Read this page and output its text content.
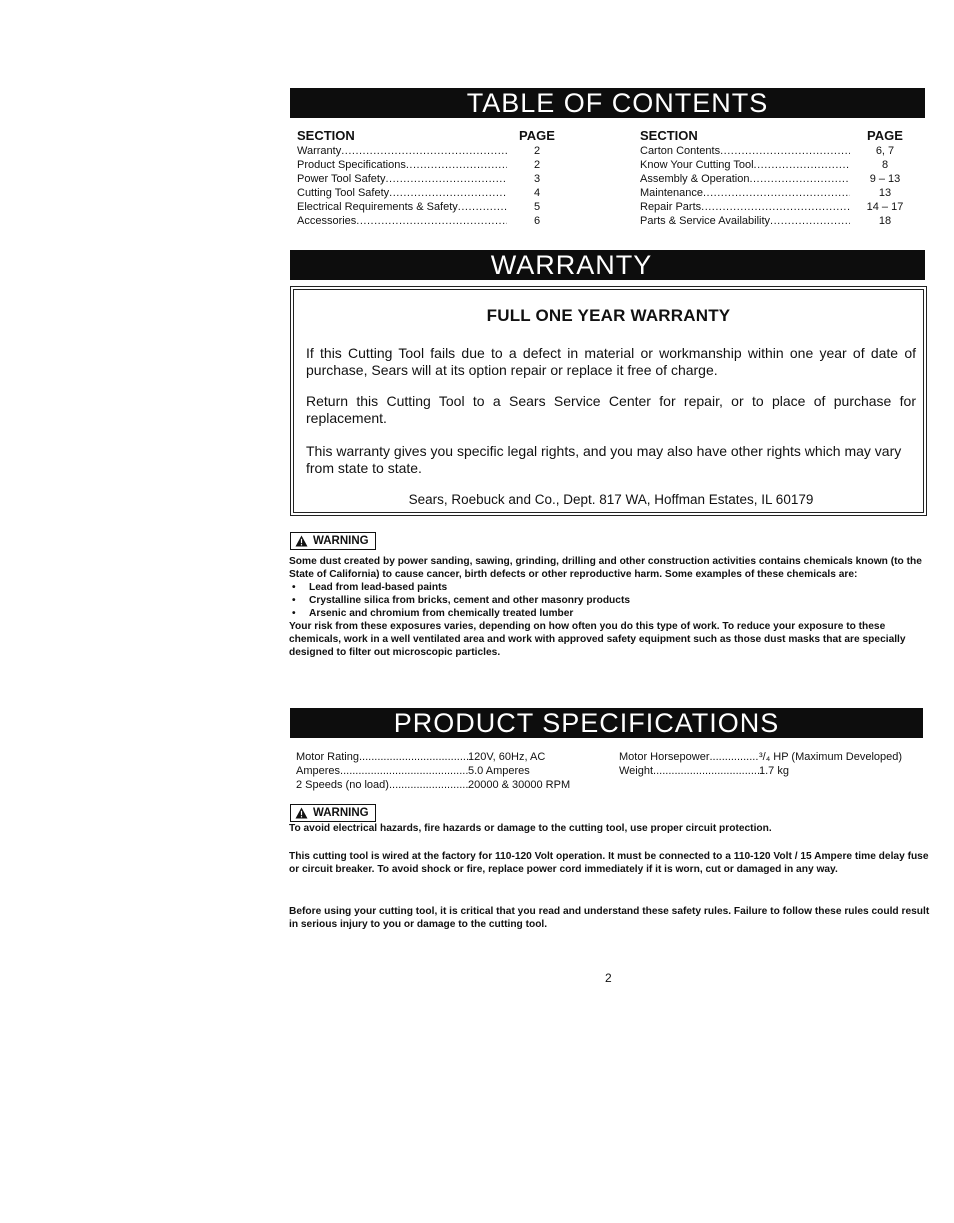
TABLE OF CONTENTS
SECTION	PAGE
Warranty .....	2
Product Specifications .....	2
Power Tool Safety .....	3
Cutting Tool Safety .....	4
Electrical Requirements & Safety .....	5
Accessories .....	6
SECTION	PAGE
Carton Contents .....	6, 7
Know Your Cutting Tool .....	8
Assembly & Operation .....	9 – 13
Maintenance .....	13
Repair Parts .....	14 – 17
Parts & Service Availability .....	18
WARRANTY
FULL ONE YEAR WARRANTY
If this Cutting Tool fails due to a defect in material or workmanship within one year of date of purchase, Sears will at its option repair or replace it free of charge.
Return this Cutting Tool to a Sears Service Center for repair, or to place of purchase for replacement.
This warranty gives you specific legal rights, and you may also have other rights which may vary from state to state.
Sears, Roebuck and Co., Dept. 817 WA, Hoffman Estates, IL 60179
WARNING
Some dust created by power sanding, sawing, grinding, drilling and other construction activities contains chemicals known (to the State of California) to cause cancer, birth defects or other reproductive harm. Some examples of these chemicals are:
• Lead from lead-based paints
• Crystalline silica from bricks, cement and other masonry products
• Arsenic and chromium from chemically treated lumber
Your risk from these exposures varies, depending on how often you do this type of work. To reduce your exposure to these chemicals, work in a well ventilated area and work with approved safety equipment such as those dust masks that are specially designed to filter out microscopic particles.
PRODUCT SPECIFICATIONS
Motor Rating .....	120V, 60Hz, AC
Amperes .....	5.0 Amperes
2 Speeds (no load) .....	20000 & 30000 RPM
Motor Horsepower .....	³/₄ HP (Maximum Developed)
Weight .....	1.7 kg
WARNING
To avoid electrical hazards, fire hazards or damage to the cutting tool, use proper circuit protection.
This cutting tool is wired at the factory for 110-120 Volt operation. It must be connected to a 110-120 Volt / 15 Ampere time delay fuse or circuit breaker. To avoid shock or fire, replace power cord immediately if it is worn, cut or damaged in any way.
Before using your cutting tool, it is critical that you read and understand these safety rules. Failure to follow these rules could result in serious injury to you or damage to the cutting tool.
2
